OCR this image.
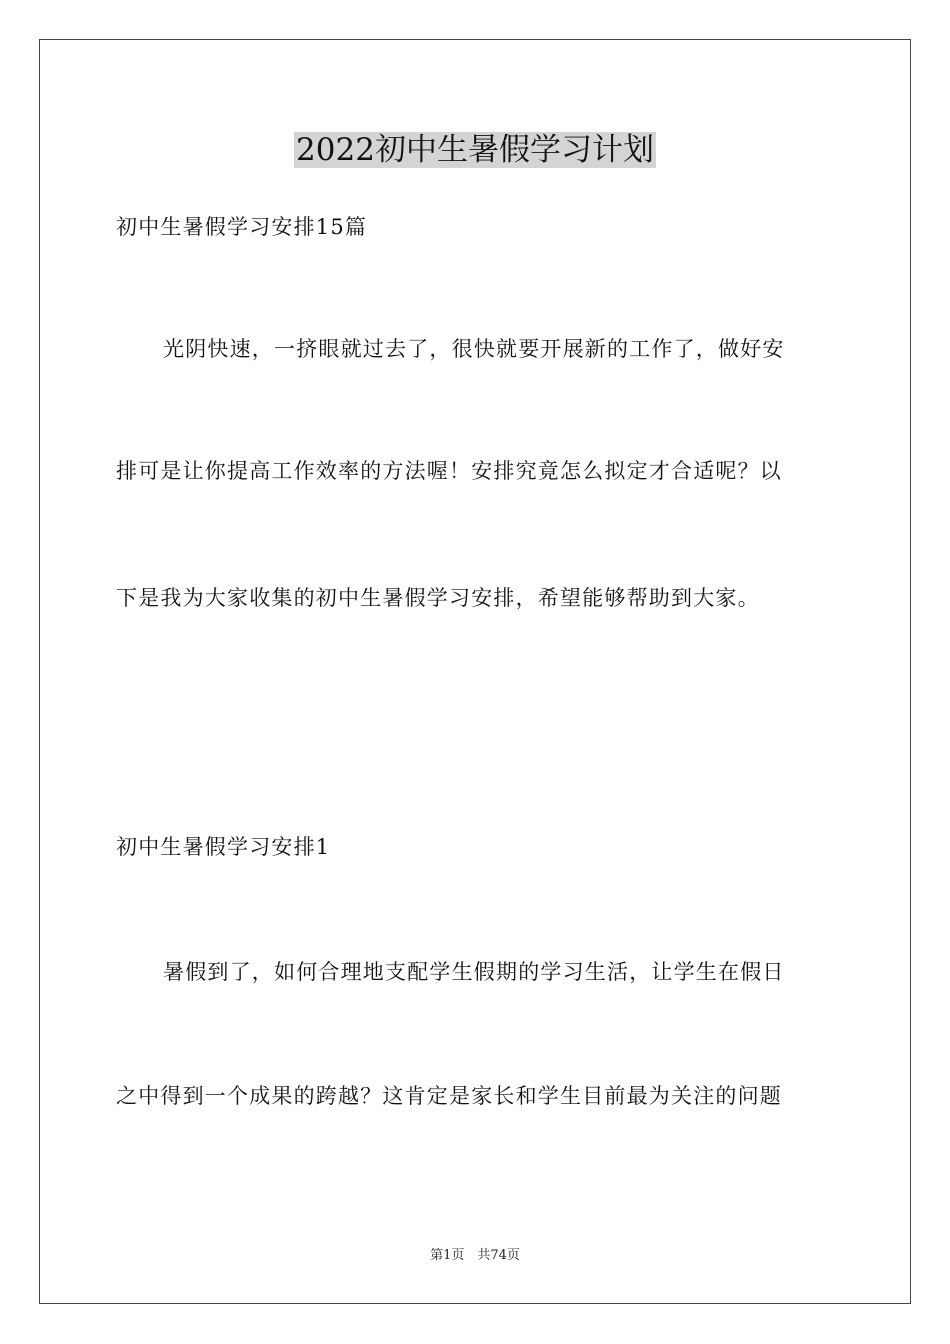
2022初中生暑假学习计划
初中生暑假学习安排15篇
光阴快速，一挤眼就过去了，很快就要开展新的工作了，做好安
排可是让你提高工作效率的方法喔！安排究竟怎么拟定才合适呢？以
下是我为大家收集的初中生暑假学习安排，希望能够帮助到大家。
初中生暑假学习安排1
暑假到了，如何合理地支配学生假期的学习生活，让学生在假日
之中得到一个成果的跨越？这肯定是家长和学生目前最为关注的问题
第1页　共74页
